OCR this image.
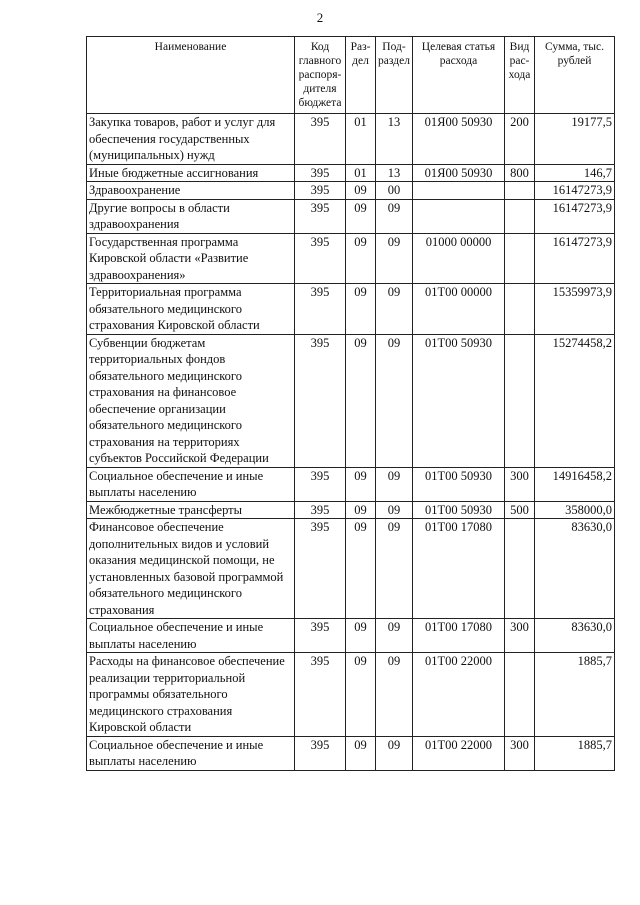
2
Наименование	Код главного распоря-дителя бюджета	Раз-дел	Под-раздел	Целевая статья расхода	Вид рас-хода	Сумма, тыс. рублей
Закупка товаров, работ и услуг для обеспечения государственных (муниципальных) нужд	395	01	13	01Я00 50930	200	19177,5
Иные бюджетные ассигнования	395	01	13	01Я00 50930	800	146,7
Здравоохранение	395	09	00			16147273,9
Другие вопросы в области здравоохранения	395	09	09			16147273,9
Государственная программа Кировской области «Развитие здравоохранения»	395	09	09	01000 00000		16147273,9
Территориальная программа обязательного медицинского страхования Кировской области	395	09	09	01Т00 00000		15359973,9
Субвенции бюджетам территориальных фондов обязательного медицинского страхования на финансовое обеспечение организации обязательного медицинского страхования на территориях субъектов Российской Федерации	395	09	09	01Т00 50930		15274458,2
Социальное обеспечение и иные выплаты населению	395	09	09	01Т00 50930	300	14916458,2
Межбюджетные трансферты	395	09	09	01Т00 50930	500	358000,0
Финансовое обеспечение дополнительных видов и условий оказания медицинской помощи, не установленных базовой программой обязательного медицинского страхования	395	09	09	01Т00 17080		83630,0
Социальное обеспечение и иные выплаты населению	395	09	09	01Т00 17080	300	83630,0
Расходы на финансовое обеспечение реализации территориальной программы обязательного медицинского страхования Кировской области	395	09	09	01Т00 22000		1885,7
Социальное обеспечение и иные выплаты населению	395	09	09	01Т00 22000	300	1885,7
